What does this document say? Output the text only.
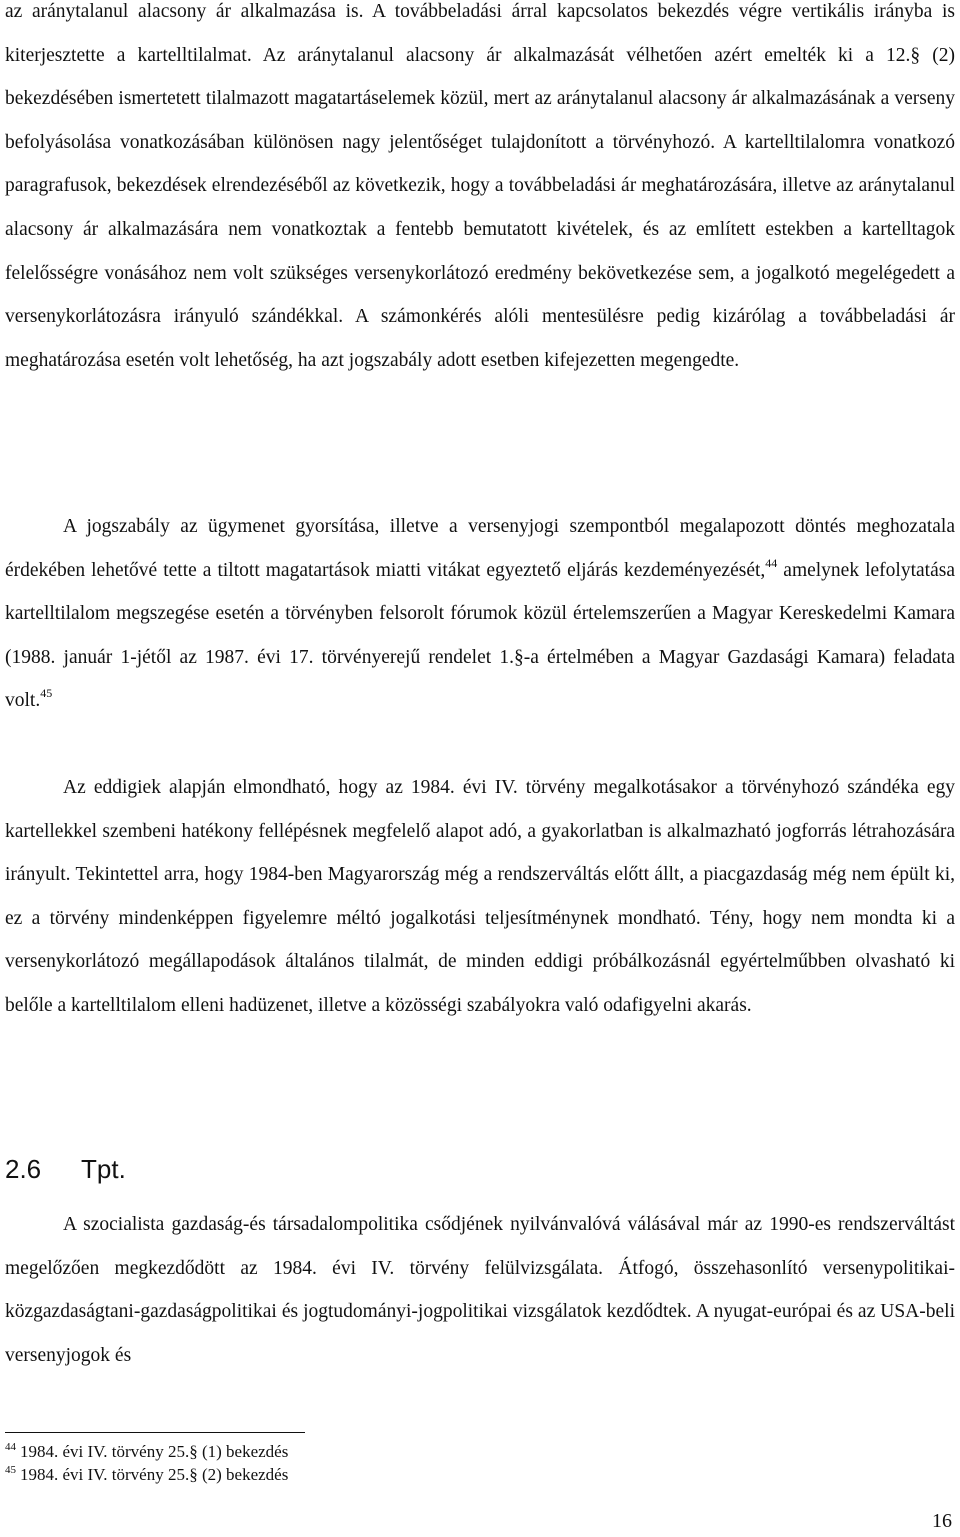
az aránytalanul alacsony ár alkalmazása is. A továbbeladási árral kapcsolatos bekezdés végre vertikális irányba is kiterjesztette a kartelltilalmat. Az aránytalanul alacsony ár alkalmazását vélhetően azért emelték ki a 12.§ (2) bekezdésében ismertetett tilalmazott magatartáselemek közül, mert az aránytalanul alacsony ár alkalmazásának a verseny befolyásolása vonatkozásában különösen nagy jelentőséget tulajdonított a törvényhozó. A kartelltilalomra vonatkozó paragrafusok, bekezdések elrendezéséből az következik, hogy a továbbeladási ár meghatározására, illetve az aránytalanul alacsony ár alkalmazására nem vonatkoztak a fentebb bemutatott kivételek, és az említett estekben a kartelltagok felelősségre vonásához nem volt szükséges versenykorlátozó eredmény bekövetkezése sem, a jogalkotó megelégedett a versenykorlátozásra irányuló szándékkal. A számonkérés alóli mentesülésre pedig kizárólag a továbbeladási ár meghatározása esetén volt lehetőség, ha azt jogszabály adott esetben kifejezetten megengedte.

A jogszabály az ügymenet gyorsítása, illetve a versenyjogi szempontból megalapozott döntés meghozatala érdekében lehetővé tette a tiltott magatartások miatti vitákat egyeztető eljárás kezdeményezését,$^{44}$ amelynek lefolytatása kartelltilalom megszegése esetén a törvényben felsorolt fórumok közül értelemszerűen a Magyar Kereskedelmi Kamara (1988. január 1-jétől az 1987. évi 17. törvényerejű rendelet 1.§-a értelmében a Magyar Gazdasági Kamara) feladata volt.$^{45}$

Az eddigiek alapján elmondható, hogy az 1984. évi IV. törvény megalkotásakor a törvényhozó szándéka egy kartellekkel szembeni hatékony fellépésnek megfelelő alapot adó, a gyakorlatban is alkalmazható jogforrás létrahozására irányult. Tekintettel arra, hogy 1984-ben Magyarország még a rendszerváltás előtt állt, a piacgazdaság még nem épült ki, ez a törvény mindenképpen figyelemre méltó jogalkotási teljesítménynek mondható. Tény, hogy nem mondta ki a versenykorlátozó megállapodások általános tilalmát, de minden eddigi próbálkozásnál egyértelműbben olvasható ki belőle a kartelltilalom elleni hadüzenet, illetve a közösségi szabályokra való odafigyelni akarás.

2.6 Tpt.

A szocialista gazdaság-és társadalompolitika csődjének nyilvánvalóvá válásával már az 1990-es rendszerváltást megelőzően megkezdődött az 1984. évi IV. törvény felülvizsgálata. Átfogó, összehasonlító versenypolitikai-közgazdaságtani-gazdaságpolitikai és jogtudományi-jogpolitikai vizsgálatok kezdődtek. A nyugat-európai és az USA-beli versenyjogok és

$^{44}$ 1984. évi IV. törvény 25.§ (1) bekezdés
$^{45}$ 1984. évi IV. törvény 25.§ (2) bekezdés
16
